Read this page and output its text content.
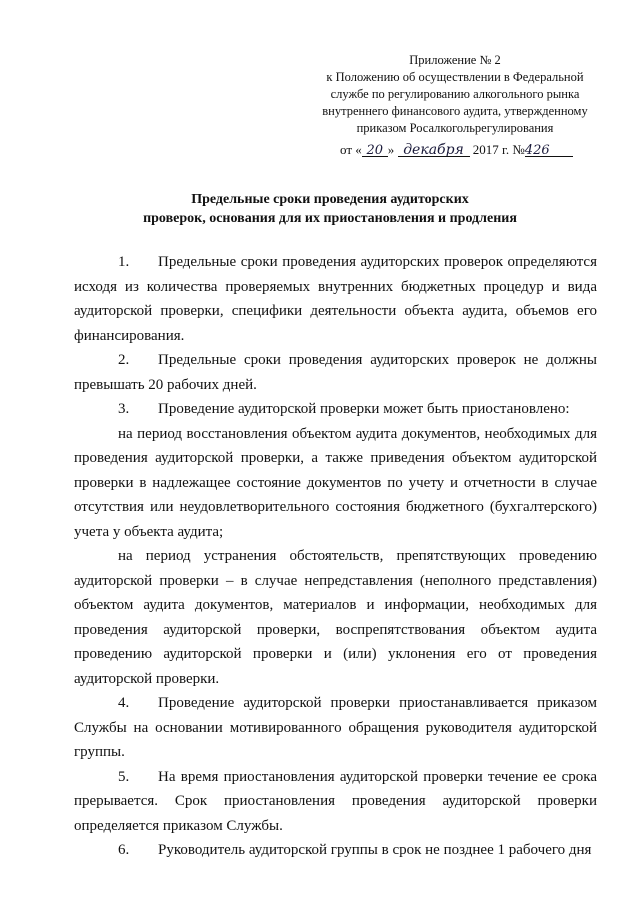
Приложение № 2
к Положению об осуществлении в Федеральной
службе по регулированию алкогольного рынка
внутреннего финансового аудита, утвержденному
приказом Росалкогольрегулирования
от « 20 » декабря 2017 г. №426
Предельные сроки проведения аудиторских
проверок, основания для их приостановления и продления

1. Предельные сроки проведения аудиторских проверок определяются исходя из количества проверяемых внутренних бюджетных процедур и вида аудиторской проверки, специфики деятельности объекта аудита, объемов его финансирования.

2. Предельные сроки проведения аудиторских проверок не должны превышать 20 рабочих дней.

3. Проведение аудиторской проверки может быть приостановлено:

на период восстановления объектом аудита документов, необходимых для проведения аудиторской проверки, а также приведения объектом аудиторской проверки в надлежащее состояние документов по учету и отчетности в случае отсутствия или неудовлетворительного состояния бюджетного (бухгалтерского) учета у объекта аудита;

на период устранения обстоятельств, препятствующих проведению аудиторской проверки – в случае непредставления (неполного представления) объектом аудита документов, материалов и информации, необходимых для проведения аудиторской проверки, воспрепятствования объектом аудита проведению аудиторской проверки и (или) уклонения его от проведения аудиторской проверки.

4. Проведение аудиторской проверки приостанавливается приказом Службы на основании мотивированного обращения руководителя аудиторской группы.

5. На время приостановления аудиторской проверки течение ее срока прерывается. Срок приостановления проведения аудиторской проверки определяется приказом Службы.

6. Руководитель аудиторской группы в срок не позднее 1 рабочего дня
